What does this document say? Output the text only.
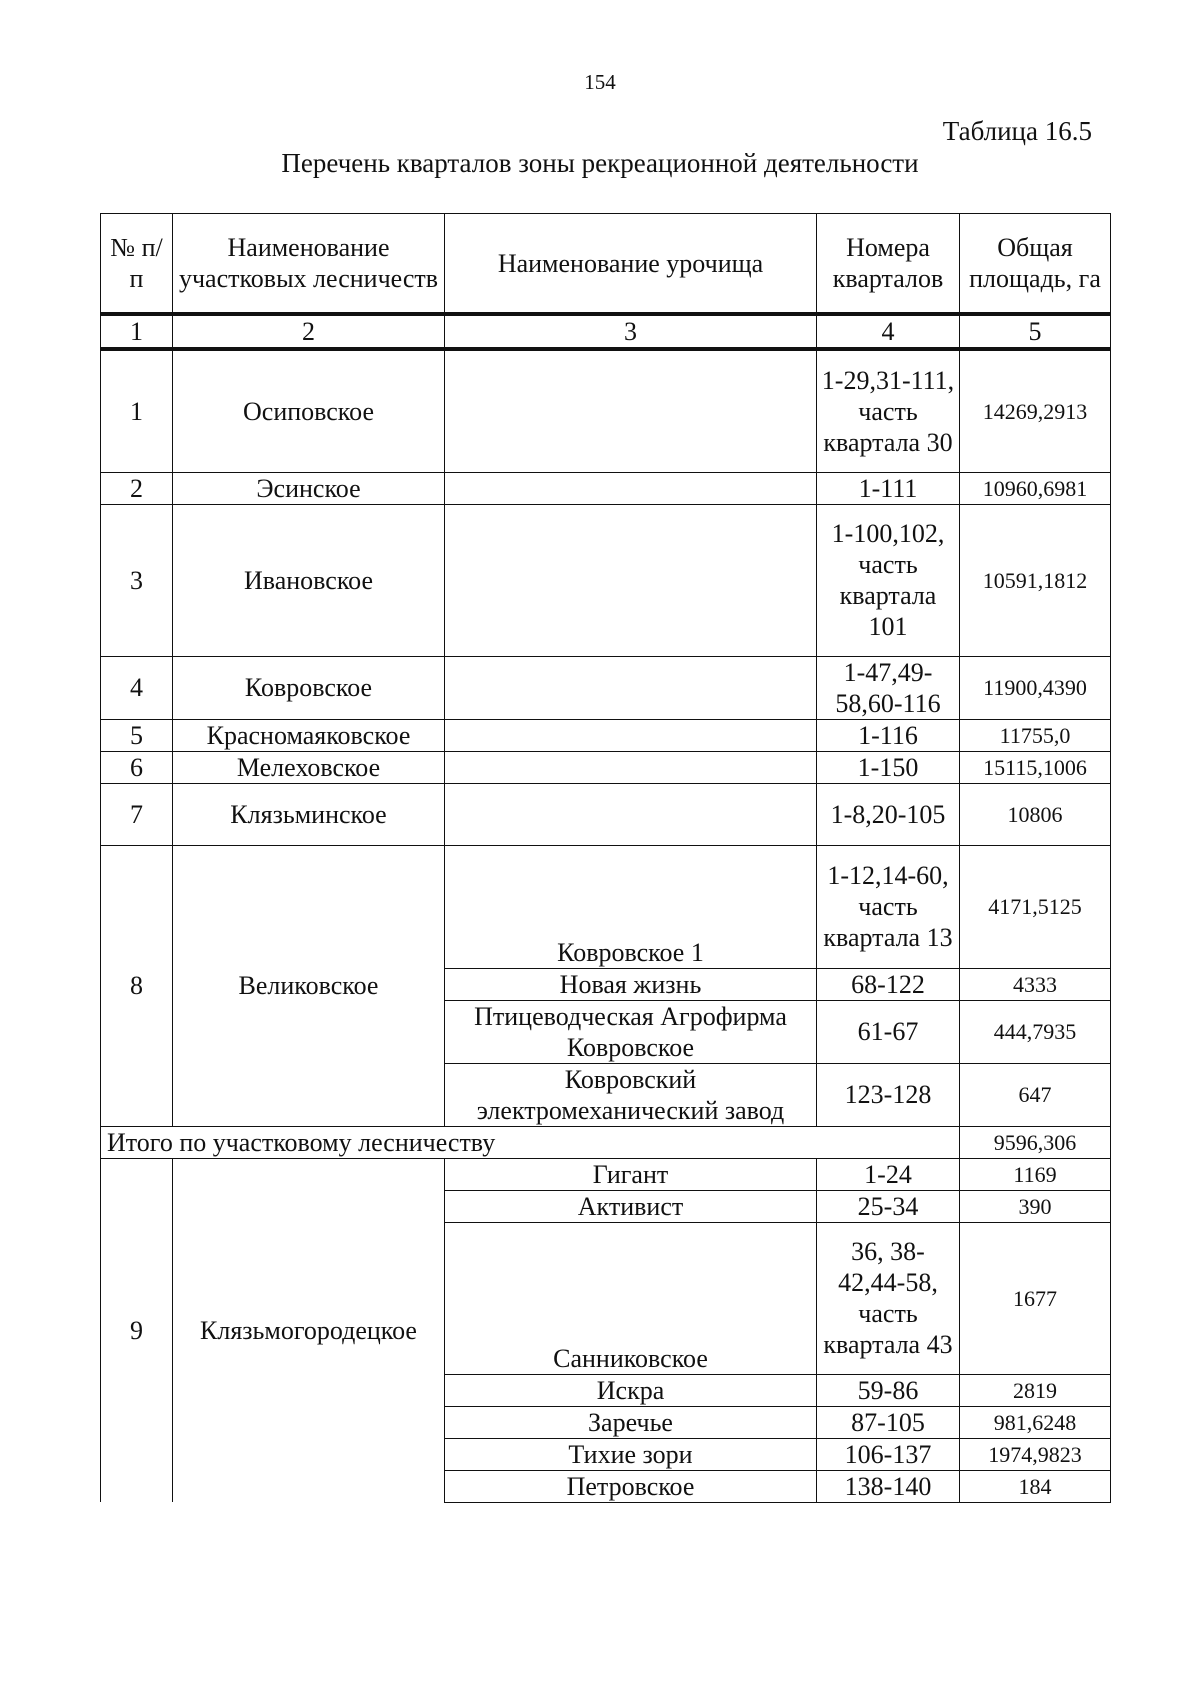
154
Таблица 16.5
Перечень кварталов зоны рекреационной деятельности
№ п/п	Наименование участковых лесничеств	Наименование урочища	Номера кварталов	Общая площадь, га
1	2	3	4	5
1	Осиповское		1-29,31-111, часть квартала 30	14269,2913
2	Эсинское		1-111	10960,6981
3	Ивановское		1-100,102, часть квартала 101	10591,1812
4	Ковровское		1-47,49-58,60-116	11900,4390
5	Красномаяковское		1-116	11755,0
6	Мелеховское		1-150	15115,1006
7	Клязьминское		1-8,20-105	10806
8	Великовское	Ковровское 1	1-12,14-60, часть квартала 13	4171,5125
		Новая жизнь	68-122	4333
		Птицеводческая Агрофирма Ковровское	61-67	444,7935
		Ковровский электромеханический завод	123-128	647
Итого по участковому лесничеству				9596,306
9	Клязьмогородецкое	Гигант	1-24	1169
		Активист	25-34	390
		Санниковское	36, 38-42,44-58, часть квартала 43	1677
		Искра	59-86	2819
		Заречье	87-105	981,6248
		Тихие зори	106-137	1974,9823
		Петровское	138-140	184
